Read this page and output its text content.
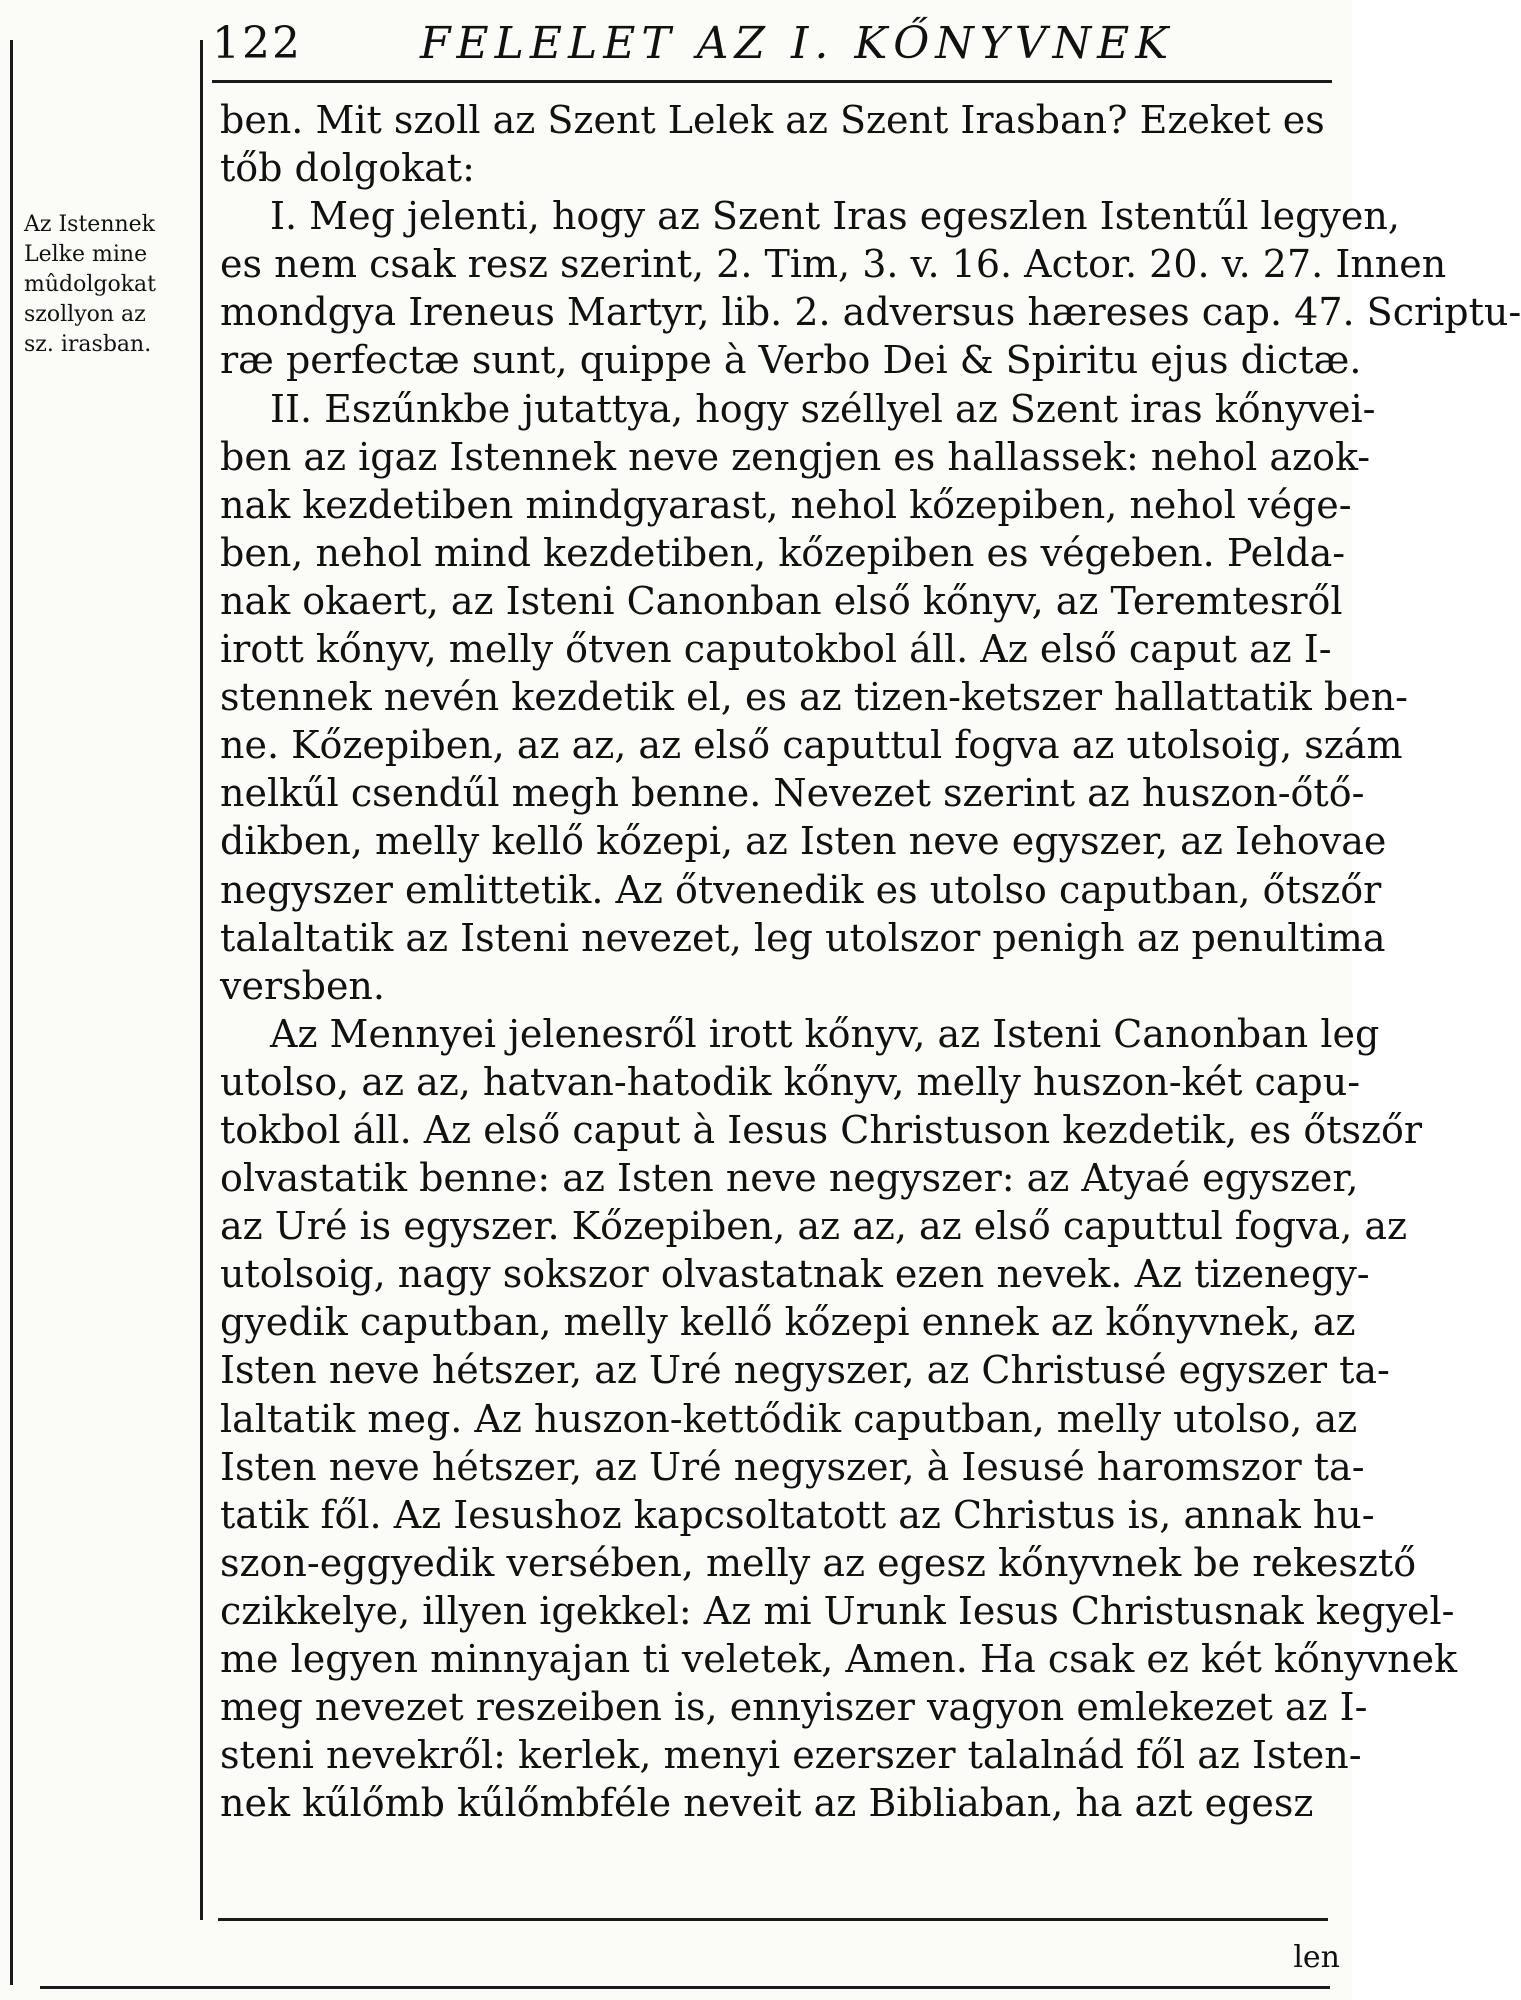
122	FELELET AZ I. KŐNYVNEK
Az Istennek
Lelke mine
mûdolgokat
szollyon az
sz. irasban.
ben. Mit szoll az Szent Lelek az Szent Irasban? Ezeket es
tőb dolgokat:
I. Meg jelenti, hogy az Szent Iras egeszlen Istentűl legyen,
es nem csak resz szerint, 2. Tim, 3. v. 16. Actor. 20. v. 27. Innen
mondgya Ireneus Martyr, lib. 2. adversus hæreses cap. 47. Scriptu-
ræ perfectæ sunt, quippe à Verbo Dei & Spiritu ejus dictæ.
II. Eszűnkbe jutattya, hogy széllyel az Szent iras kőnyvei-
ben az igaz Istennek neve zengjen es hallassek: nehol azok-
nak kezdetiben mindgyarast, nehol kőzepiben, nehol vége-
ben, nehol mind kezdetiben, kőzepiben es végeben. Pelda-
nak okaert, az Isteni Canonban első kőnyv, az Teremtesről
irott kőnyv, melly őtven caputokbol áll. Az első caput az I-
stennek nevén kezdetik el, es az tizen-ketszer hallattatik ben-
ne. Kőzepiben, az az, az első caputtul fogva az utolsoig, szám
nelkűl csendűl megh benne. Nevezet szerint az huszon-őtő-
dikben, melly kellő kőzepi, az Isten neve egyszer, az Iehovae
negyszer emlittetik. Az őtvenedik es utolso caputban, őtszőr
talaltatik az Isteni nevezet, leg utolszor penigh az penultima
versben.
Az Mennyei jelenesről irott kőnyv, az Isteni Canonban leg
utolso, az az, hatvan-hatodik kőnyv, melly huszon-két capu-
tokbol áll. Az első caput à Iesus Christuson kezdetik, es őtszőr
olvastatik benne: az Isten neve negyszer: az Atyaé egyszer,
az Uré is egyszer. Kőzepiben, az az, az első caputtul fogva, az
utolsoig, nagy sokszor olvastatnak ezen nevek. Az tizenegy-
gyedik caputban, melly kellő kőzepi ennek az kőnyvnek, az
Isten neve hétszer, az Uré negyszer, az Christusé egyszer ta-
laltatik meg. Az huszon-kettődik caputban, melly utolso, az
Isten neve hétszer, az Uré negyszer, à Iesusé haromszor ta-
tatik fől. Az Iesushoz kapcsoltatott az Christus is, annak hu-
szon-eggyedik versében, melly az egesz kőnyvnek be rekesztő
czikkelye, illyen igekkel: Az mi Urunk Iesus Christusnak kegyel-
me legyen minnyajan ti veletek, Amen. Ha csak ez két kőnyvnek
meg nevezet reszeiben is, ennyiszer vagyon emlekezet az I-
steni nevekről: kerlek, menyi ezerszer talalnád fől az Isten-
nek kűlőmb kűlőmbféle neveit az Bibliaban, ha azt egesz
len
